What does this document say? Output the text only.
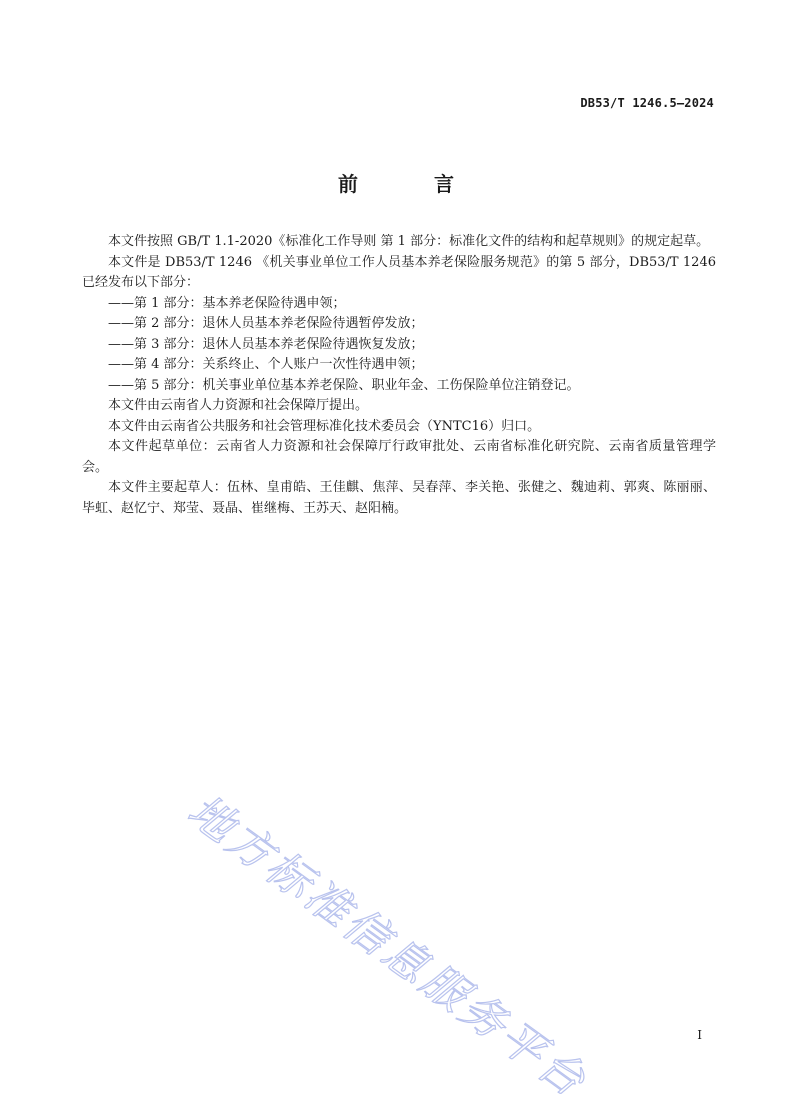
DB53/T 1246.5—2024
前　言

本文件按照 GB/T 1.1-2020《标准化工作导则 第 1 部分：标准化文件的结构和起草规则》的规定起草。

本文件是 DB53/T 1246 《机关事业单位工作人员基本养老保险服务规范》的第 5 部分，DB53/T 1246 已经发布以下部分：

——第 1 部分：基本养老保险待遇申领；

——第 2 部分：退休人员基本养老保险待遇暂停发放；

——第 3 部分：退休人员基本养老保险待遇恢复发放；

——第 4 部分：关系终止、个人账户一次性待遇申领；

——第 5 部分：机关事业单位基本养老保险、职业年金、工伤保险单位注销登记。

本文件由云南省人力资源和社会保障厅提出。

本文件由云南省公共服务和社会管理标准化技术委员会（YNTC16）归口。

本文件起草单位：云南省人力资源和社会保障厅行政审批处、云南省标准化研究院、云南省质量管理学会。

本文件主要起草人：伍林、皇甫皓、王佳麒、焦萍、吴春萍、李关艳、张健之、魏迪莉、郭爽、陈丽丽、毕虹、赵忆宁、郑莹、聂晶、崔继梅、王苏天、赵阳楠。

地方标准信息服务平台	I
